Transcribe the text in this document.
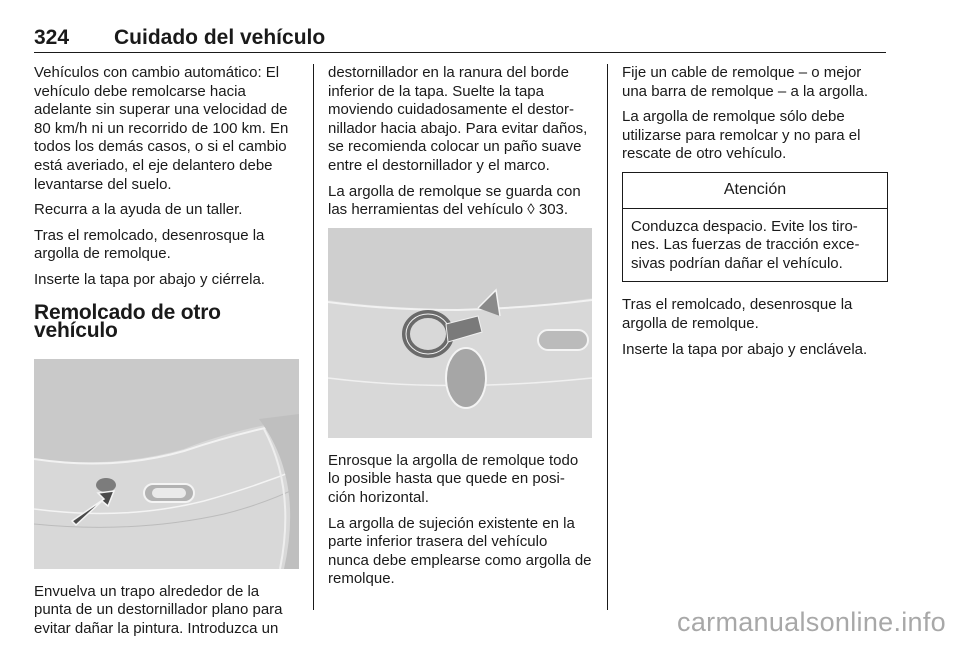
324 Cuidado del vehículo

Vehículos con cambio automático: El vehículo debe remolcarse hacia adelante sin superar una velocidad de 80 km/h ni un recorrido de 100 km. En todos los demás casos, o si el cambio está averiado, el eje delantero debe levantarse del suelo.

Recurra a la ayuda de un taller.

Tras el remolcado, desenrosque la argolla de remolque.

Inserte la tapa por abajo y ciérrela.

Remolcado de otro vehículo

Envuelva un trapo alrededor de la punta de un destornillador plano para evitar dañar la pintura. Introduzca un

destornillador en la ranura del borde inferior de la tapa. Suelte la tapa moviendo cuidadosamente el destor-nillador hacia abajo. Para evitar daños, se recomienda colocar un paño suave entre el destornillador y el marco.

La argolla de remolque se guarda con las herramientas del vehículo ◊ 303.

Enrosque la argolla de remolque todo lo posible hasta que quede en posi-ción horizontal.

La argolla de sujeción existente en la parte inferior trasera del vehículo nunca debe emplearse como argolla de remolque.

Fije un cable de remolque – o mejor una barra de remolque – a la argolla.

La argolla de remolque sólo debe utilizarse para remolcar y no para el rescate de otro vehículo.

Atención
Conduzca despacio. Evite los tiro-nes. Las fuerzas de tracción exce-sivas podrían dañar el vehículo.

Tras el remolcado, desenrosque la argolla de remolque.

Inserte la tapa por abajo y enclávela.

carmanualsonline.info
